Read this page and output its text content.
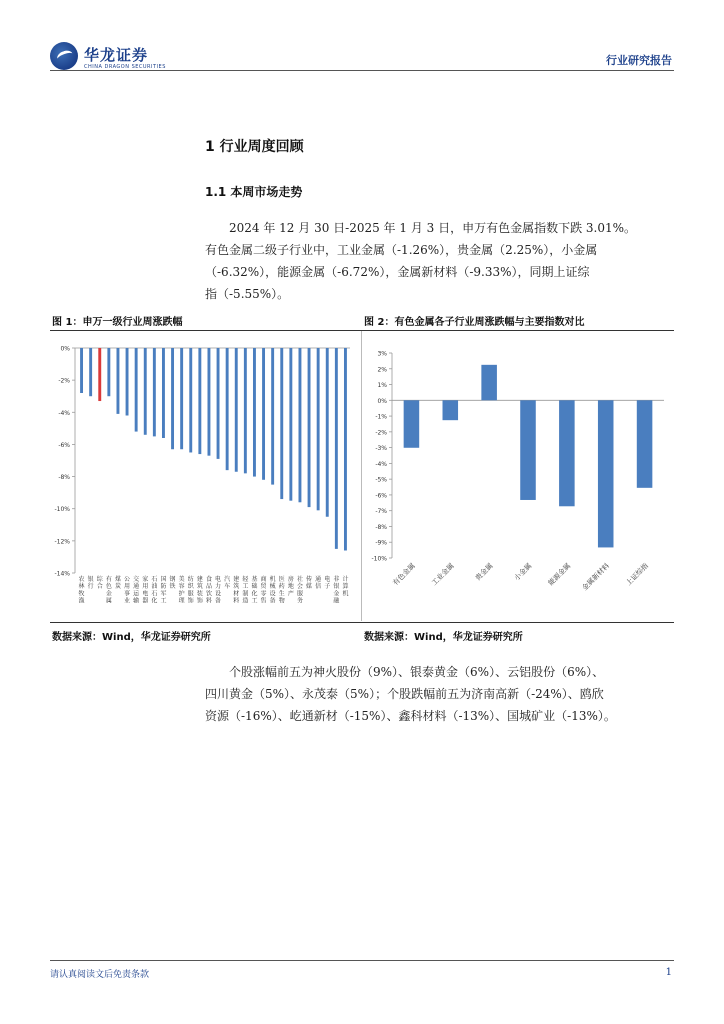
华龙证券
CHINA DRAGON SECURITIES	行业研究报告
1 行业周度回顾
1.1 本周市场走势
2024 年 12 月 30 日-2025 年 1 月 3 日，申万有色金属指数下跌 3.01%。
有色金属二级子行业中，工业金属（-1.26%），贵金属（2.25%），小金属
（-6.32%），能源金属（-6.72%），金属新材料（-9.33%），同期上证综
指（-5.55%）。
图 1：申万一级行业周涨跌幅	图 2：有色金属各子行业周涨跌幅与主要指数对比
0%
-2%
-4%
-6%
-8%
-10%
-12%
-14%
农
林
牧
渔
银
行
综
合
有
色
金
属
煤
炭
公
用
事
业
交
通
运
输
家
用
电
器
石
油
石
化
国
防
军
工
钢
铁
美
容
护
理
纺
织
服
饰
建
筑
装
饰
食
品
饮
料
电
力
设
备
汽
车
建
筑
材
料
轻
工
制
造
基
础
化
工
商
贸
零
售
机
械
设
备
医
药
生
物
房
地
产
社
会
服
务
传
媒
通
信
电
子
非
银
金
融
计
算
机
3%
2%
1%
0%
-1%
-2%
-3%
-4%
-5%
-6%
-7%
-8%
-9%
-10%
有色金属 工业金属	贵金属	小金属 能源金属 金属新材料 上证综指
数据来源：Wind，华龙证券研究所	数据来源：Wind，华龙证券研究所
个股涨幅前五为神火股份（9%）、银泰黄金（6%）、云铝股份（6%）、
四川黄金（5%）、永茂泰（5%）；个股跌幅前五为济南高新（-24%）、鸥欣
资源（-16%）、屹通新材（-15%）、鑫科材料（-13%）、国城矿业（-13%）。
请认真阅读文后免责条款	1
